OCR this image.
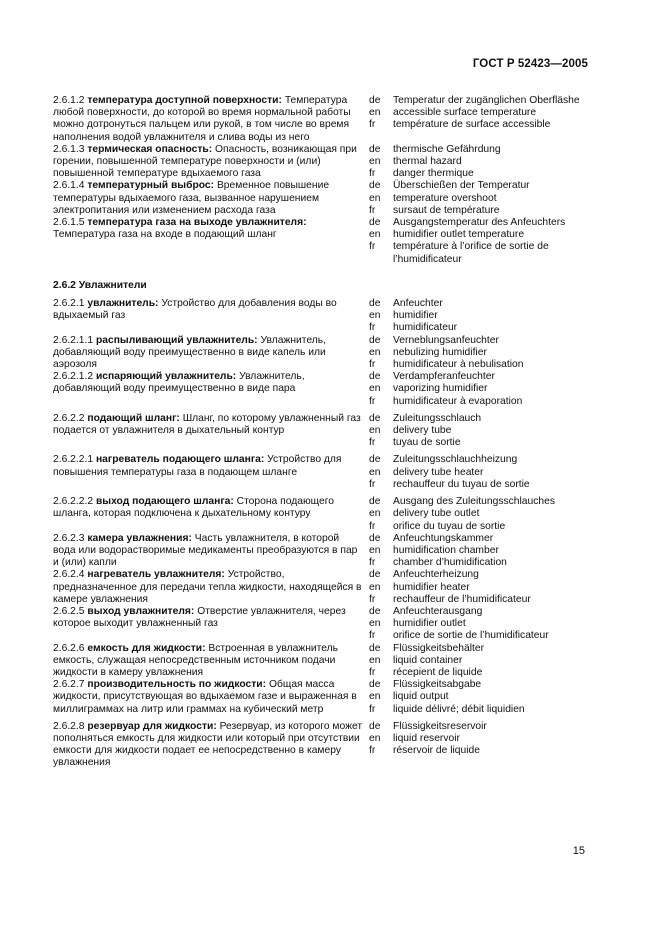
ГОСТ Р 52423—2005
2.6.1.2 температура доступной поверхности: Температура любой поверхности, до которой во время нормальной работы можно дотронуться пальцем или рукой, в том числе во время наполнения водой увлажнителя и слива воды из него
de	Temperatur der zugänglichen Oberfläshe
en	accessible surface temperature
fr	température de surface accessible
2.6.1.3 термическая опасность: Опасность, возникающая при горении, повышенной температуре поверхности и (или) повышенной температуре вдыхаемого газа
de	thermische Gefährdung
en	thermal hazard
fr	danger thermique
2.6.1.4 температурный выброс: Временное повышение температуры вдыхаемого газа, вызванное нарушением электропитания или изменением расхода газа
de	Überschießen der Temperatur
en	temperature overshoot
fr	sursaut de température
2.6.1.5 температура газа на выходе увлажнителя: Температура газа на входе в подающий шланг
de	Ausgangstemperatur des Anfeuchters
en	humidifier outlet temperature
fr	température à l’orifice de sortie de l’humidificateur
2.6.2 Увлажнители
2.6.2.1 увлажнитель: Устройство для добавления воды во вдыхаемый газ
de	Anfeuchter
en	humidifier
fr	humidificateur
2.6.2.1.1 распыливающий увлажнитель: Увлажнитель, добавляющий воду преимущественно в виде капель или аэрозоля
de	Verneblungsanfeuchter
en	nebulizing humidifier
fr	humidificateur à nebulisation
2.6.2.1.2 испаряющий увлажнитель: Увлажнитель, добавляющий воду преимущественно в виде пара
de	Verdampferanfeuchter
en	vaporizing humidifier
fr	humidificateur à evaporation
2.6.2.2 подающий шланг: Шланг, по которому увлажненный газ подается от увлажнителя в дыхательный контур
de	Zuleitungsschlauch
en	delivery tube
fr	tuyau de sortie
2.6.2.2.1 нагреватель подающего шланга: Устройство для повышения температуры газа в подающем шланге
de	Zuleitungsschlauchheizung
en	delivery tube heater
fr	rechauffeur du tuyau de sortie
2.6.2.2.2 выход подающего шланга: Сторона подающего шланга, которая подключена к дыхательному контуру
de	Ausgang des Zuleitungsschlauches
en	delivery tube outlet
fr	orifice du tuyau de sortie
2.6.2.3 камера увлажнения: Часть увлажнителя, в которой вода или водорастворимые медикаменты преобразуются в пар и (или) капли
de	Anfeuchtungskammer
en	humidification chamber
fr	chamber d’humidification
2.6.2.4 нагреватель увлажнителя: Устройство, предназначенное для передачи тепла жидкости, находящейся в камере увлажнения
de	Anfeuchterheizung
en	humidifier heater
fr	rechauffeur de l’humidificateur
2.6.2.5 выход увлажнителя: Отверстие увлажнителя, через которое выходит увлажненный газ
de	Anfeuchterausgang
en	humidifier outlet
fr	orifice de sortie de l’humidificateur
2.6.2.6 емкость для жидкости: Встроенная в увлажнитель емкость, служащая непосредственным источником подачи жидкости в камеру увлажнения
de	Flüssigkeitsbehälter
en	liquid container
fr	récepient de liquide
2.6.2.7 производительность по жидкости: Общая масса жидкости, присутствующая во вдыхаемом газе и выраженная в миллиграммах на литр или граммах на кубический метр
de	Flüssigkeitsabgabe
en	liquid output
fr	liquide délivré; débit liquidien
2.6.2.8 резервуар для жидкости: Резервуар, из которого может пополняться емкость для жидкости или который при отсутствии емкости для жидкости подает ее непосредственно в камеру увлажнения
de	Flüssigkeitsreservoir
en	liquid reservoir
fr	réservoir de liquide
15
